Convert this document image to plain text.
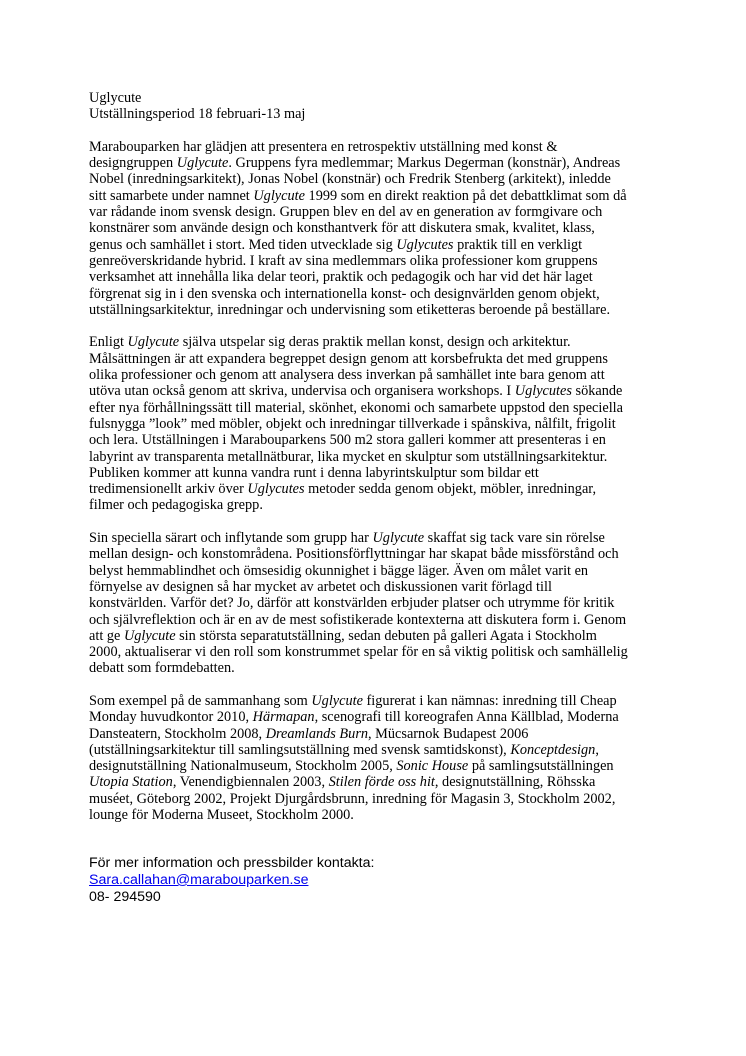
Uglycute
Utställningsperiod 18 februari-13 maj
Marabouparken har glädjen att presentera en retrospektiv utställning med konst &
designgruppen Uglycute. Gruppens fyra medlemmar; Markus Degerman (konstnär), Andreas
Nobel (inredningsarkitekt), Jonas Nobel (konstnär) och Fredrik Stenberg (arkitekt), inledde
sitt samarbete under namnet Uglycute 1999 som en direkt reaktion på det debattklimat som då
var rådande inom svensk design. Gruppen blev en del av en generation av formgivare och
konstnärer som använde design och konsthantverk för att diskutera smak, kvalitet, klass,
genus och samhället i stort. Med tiden utvecklade sig Uglycutes praktik till en verkligt
genreöverskridande hybrid. I kraft av sina medlemmars olika professioner kom gruppens
verksamhet att innehålla lika delar teori, praktik och pedagogik och har vid det här laget
förgrenat sig in i den svenska och internationella konst- och designvärlden genom objekt,
utställningsarkitektur, inredningar och undervisning som etiketteras beroende på beställare.
Enligt Uglycute själva utspelar sig deras praktik mellan konst, design och arkitektur.
Målsättningen är att expandera begreppet design genom att korsbefrukta det med gruppens
olika professioner och genom att analysera dess inverkan på samhället inte bara genom att
utöva utan också genom att skriva, undervisa och organisera workshops. I Uglycutes sökande
efter nya förhållningssätt till material, skönhet, ekonomi och samarbete uppstod den speciella
fulsnygga ”look” med möbler, objekt och inredningar tillverkade i spånskiva, nålfilt, frigolit
och lera. Utställningen i Marabouparkens 500 m2 stora galleri kommer att presenteras i en
labyrint av transparenta metallnätburar, lika mycket en skulptur som utställningsarkitektur.
Publiken kommer att kunna vandra runt i denna labyrintskulptur som bildar ett
tredimensionellt arkiv över Uglycutes metoder sedda genom objekt, möbler, inredningar,
filmer och pedagogiska grepp.
Sin speciella särart och inflytande som grupp har Uglycute skaffat sig tack vare sin rörelse
mellan design- och konstområdena. Positionsförflyttningar har skapat både missförstånd och
belyst hemmablindhet och ömsesidig okunnighet i bägge läger. Även om målet varit en
förnyelse av designen så har mycket av arbetet och diskussionen varit förlagd till
konstvärlden. Varför det? Jo, därför att konstvärlden erbjuder platser och utrymme för kritik
och självreflektion och är en av de mest sofistikerade kontexterna att diskutera form i. Genom
att ge Uglycute sin största separatutställning, sedan debuten på galleri Agata i Stockholm
2000, aktualiserar vi den roll som konstrummet spelar för en så viktig politisk och samhällelig
debatt som formdebatten.
Som exempel på de sammanhang som Uglycute figurerat i kan nämnas: inredning till Cheap
Monday huvudkontor 2010, Härmapan, scenografi till koreografen Anna Källblad, Moderna
Dansteatern, Stockholm 2008, Dreamlands Burn, Mücsarnok Budapest 2006
(utställningsarkitektur till samlingsutställning med svensk samtidskonst), Konceptdesign,
designutställning Nationalmuseum, Stockholm 2005, Sonic House på samlingsutställningen
Utopia Station, Venendigbiennalen 2003, Stilen förde oss hit, designutställning, Röhsska
muséet, Göteborg 2002, Projekt Djurgårdsbrunn, inredning för Magasin 3, Stockholm 2002,
lounge för Moderna Museet, Stockholm 2000.
För mer information och pressbilder kontakta:
Sara.callahan@marabouparken.se
08- 294590
